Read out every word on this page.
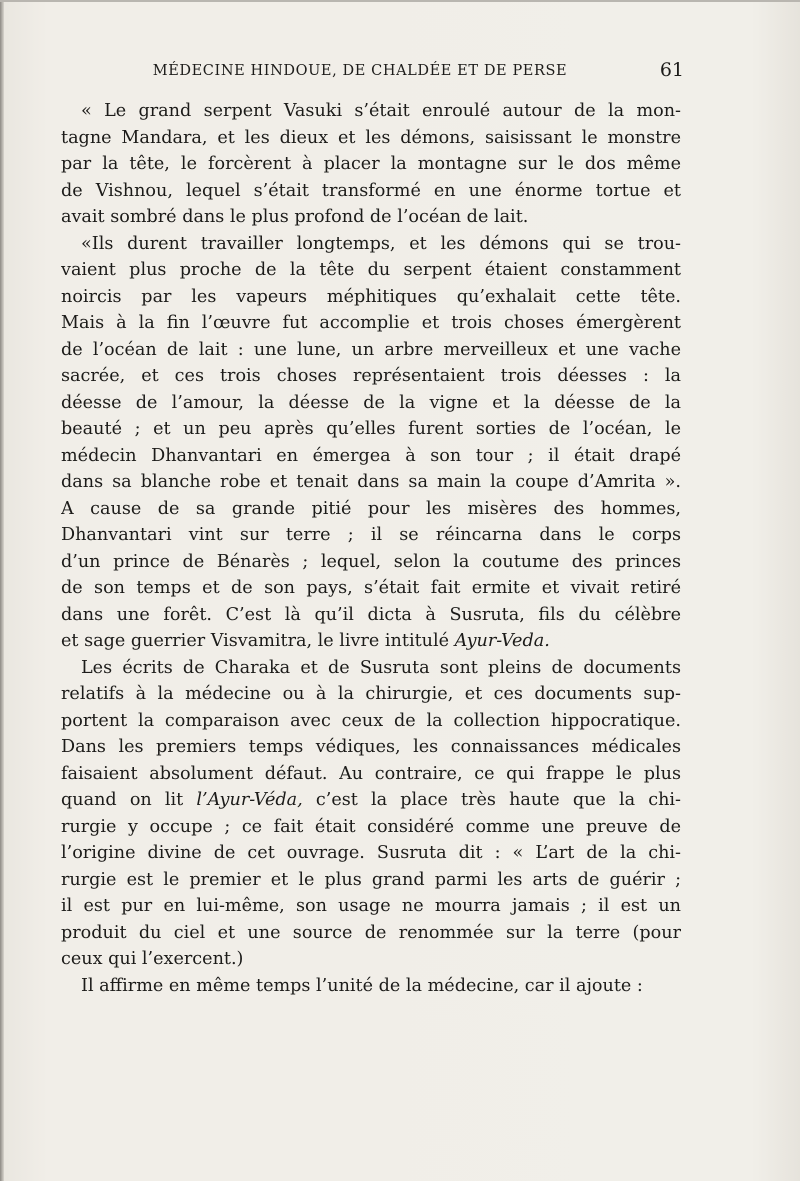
MÉDECINE HINDOUE, DE CHALDÉE ET DE PERSE	61
« Le grand serpent Vasuki s’était enroulé autour de la mon-
tagne Mandara, et les dieux et les démons, saisissant le monstre
par la tête, le forcèrent à placer la montagne sur le dos même
de Vishnou, lequel s’était transformé en une énorme tortue et
avait sombré dans le plus profond de l’océan de lait.
«Ils durent travailler longtemps, et les démons qui se trou-
vaient plus proche de la tête du serpent étaient constamment
noircis par les vapeurs méphitiques qu’exhalait cette tête.
Mais à la fin l’œuvre fut accomplie et trois choses émergèrent
de l’océan de lait : une lune, un arbre merveilleux et une vache
sacrée, et ces trois choses représentaient trois déesses : la
déesse de l’amour, la déesse de la vigne et la déesse de la
beauté ; et un peu après qu’elles furent sorties de l’océan, le
médecin Dhanvantari en émergea à son tour ; il était drapé
dans sa blanche robe et tenait dans sa main la coupe d’Amrita ».
A cause de sa grande pitié pour les misères des hommes,
Dhanvantari vint sur terre ; il se réincarna dans le corps
d’un prince de Bénarès ; lequel, selon la coutume des princes
de son temps et de son pays, s’était fait ermite et vivait retiré
dans une forêt. C’est là qu’il dicta à Susruta, fils du célèbre
et sage guerrier Visvamitra, le livre intitulé Ayur-Veda.
Les écrits de Charaka et de Susruta sont pleins de documents
relatifs à la médecine ou à la chirurgie, et ces documents sup-
portent la comparaison avec ceux de la collection hippocratique.
Dans les premiers temps védiques, les connaissances médicales
faisaient absolument défaut. Au contraire, ce qui frappe le plus
quand on lit l’Ayur-Véda, c’est la place très haute que la chi-
rurgie y occupe ; ce fait était considéré comme une preuve de
l’origine divine de cet ouvrage. Susruta dit : « L’art de la chi-
rurgie est le premier et le plus grand parmi les arts de guérir ;
il est pur en lui-même, son usage ne mourra jamais ; il est un
produit du ciel et une source de renommée sur la terre (pour
ceux qui l’exercent.)
Il affirme en même temps l’unité de la médecine, car il ajoute :
